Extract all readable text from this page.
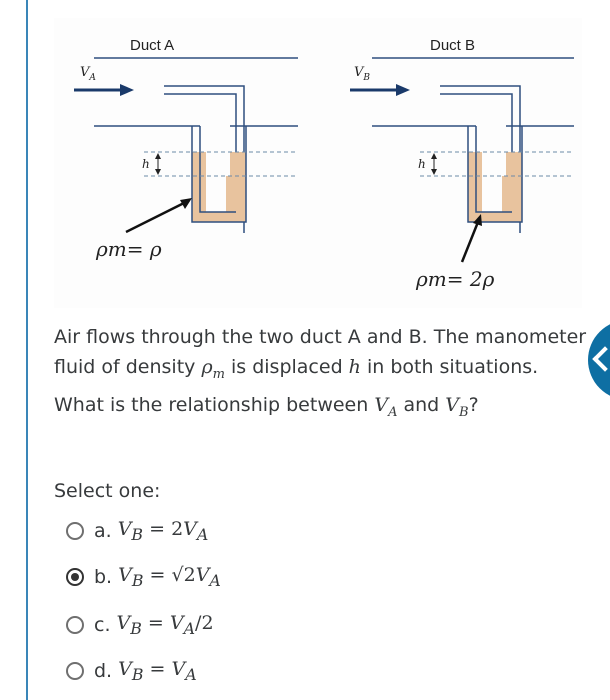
Duct A
$V_A$
h
ρm= ρ
Duct B
$V_B$
h
ρm= 2ρ
Air flows through the two duct A and B. The manometer fluid of density $\rho_m$ is displaced h in both situations. What is the relationship between $V_A$ and $V_B$?
Select one:
a. $V_B = 2V_A$
b. $V_B = √2V_A$
c. $V_B = V_A/2$
d. $V_B = V_A$
